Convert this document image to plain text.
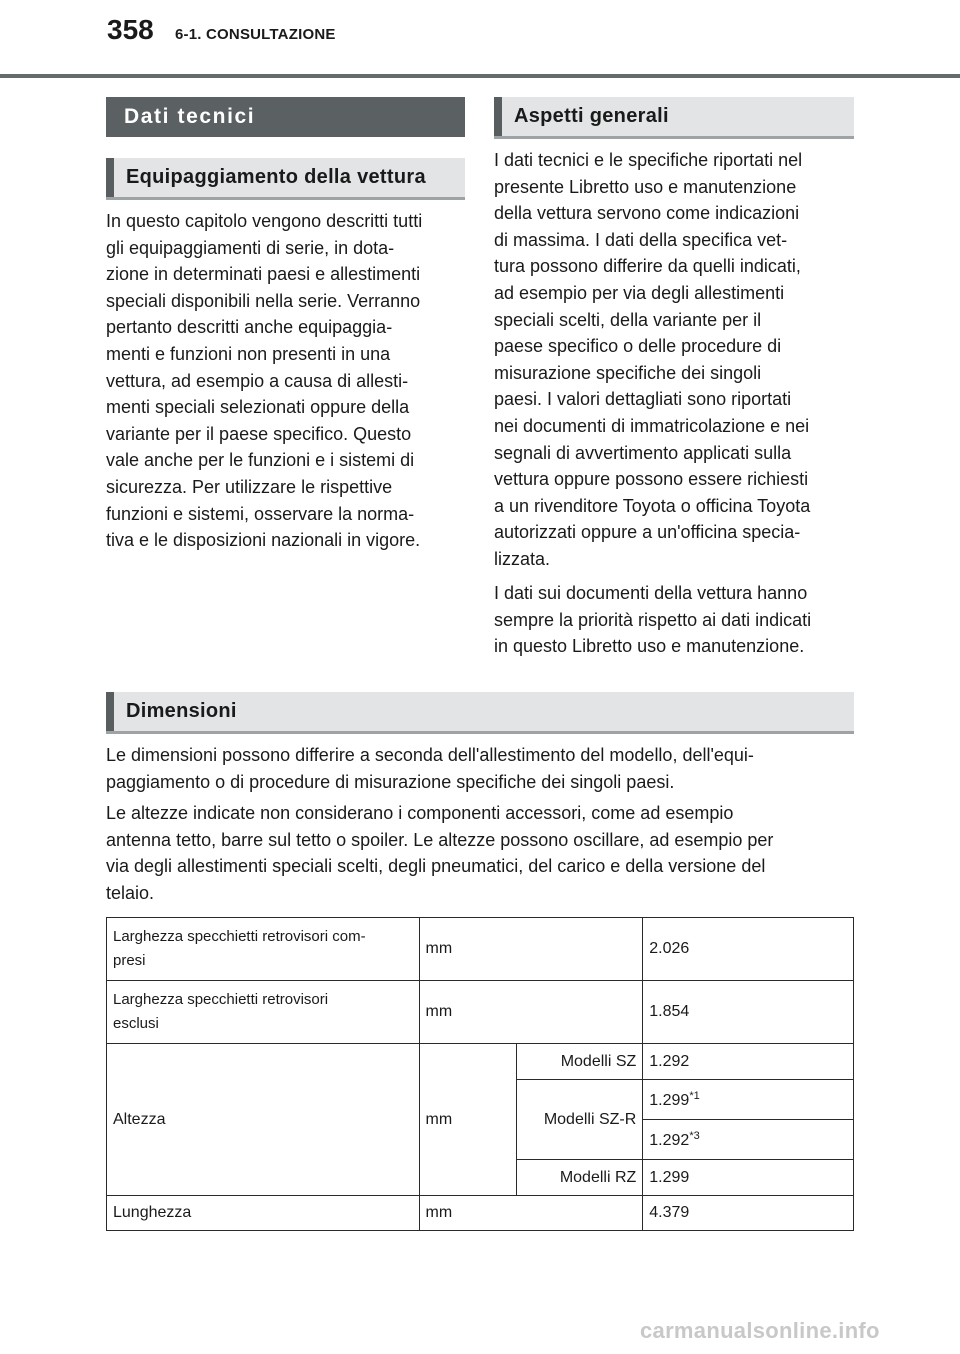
358 6-1. CONSULTAZIONE
Dati tecnici
Equipaggiamento della vettura
In questo capitolo vengono descritti tutti
gli equipaggiamenti di serie, in dota-
zione in determinati paesi e allestimenti
speciali disponibili nella serie. Verranno
pertanto descritti anche equipaggia-
menti e funzioni non presenti in una
vettura, ad esempio a causa di allesti-
menti speciali selezionati oppure della
variante per il paese specifico. Questo
vale anche per le funzioni e i sistemi di
sicurezza. Per utilizzare le rispettive
funzioni e sistemi, osservare la norma-
tiva e le disposizioni nazionali in vigore.
Aspetti generali
I dati tecnici e le specifiche riportati nel
presente Libretto uso e manutenzione
della vettura servono come indicazioni
di massima. I dati della specifica vet-
tura possono differire da quelli indicati,
ad esempio per via degli allestimenti
speciali scelti, della variante per il
paese specifico o delle procedure di
misurazione specifiche dei singoli
paesi. I valori dettagliati sono riportati
nei documenti di immatricolazione e nei
segnali di avvertimento applicati sulla
vettura oppure possono essere richiesti
a un rivenditore Toyota o officina Toyota
autorizzati oppure a un'officina specia-
lizzata.
I dati sui documenti della vettura hanno
sempre la priorità rispetto ai dati indicati
in questo Libretto uso e manutenzione.
Dimensioni
Le dimensioni possono differire a seconda dell'allestimento del modello, dell'equi-
paggiamento o di procedure di misurazione specifiche dei singoli paesi.
Le altezze indicate non considerano i componenti accessori, come ad esempio
antenna tetto, barre sul tetto o spoiler. Le altezze possono oscillare, ad esempio per
via degli allestimenti speciali scelti, degli pneumatici, del carico e della versione del
telaio.
Larghezza specchietti retrovisori com-
presi	mm		2.026

Larghezza specchietti retrovisori
esclusi	mm		1.854
Altezza	mm	Modelli SZ	1.292
		Modelli SZ-R	1.299$^{*1}$
			1.292$^{*3}$
		Modelli RZ	1.299
Lunghezza	mm		4.379
carmanualsonline.info
